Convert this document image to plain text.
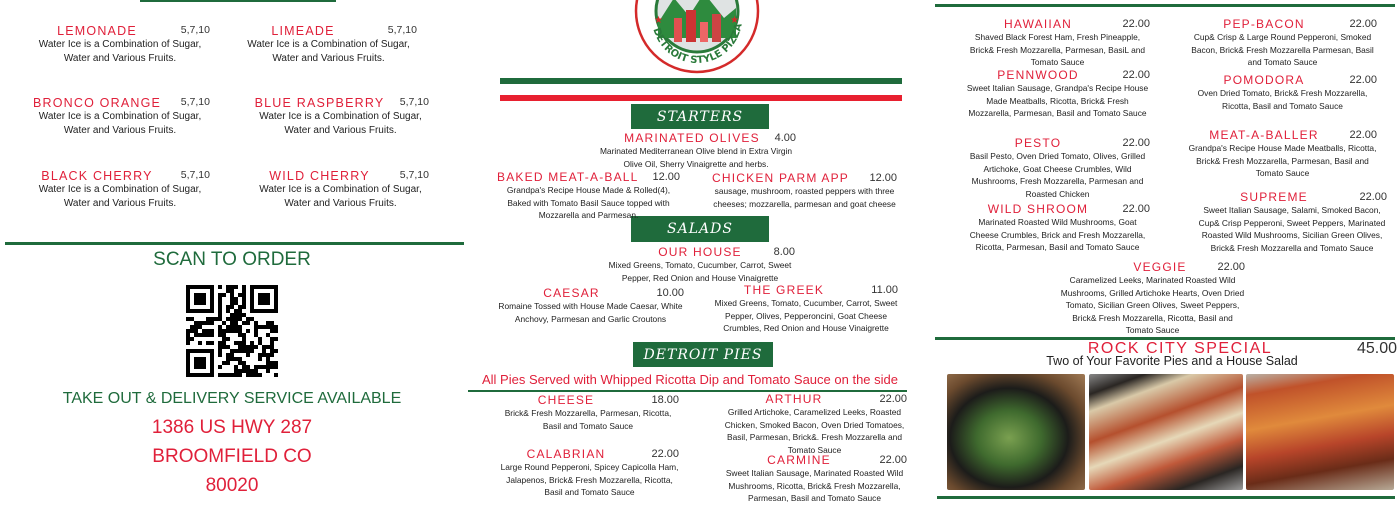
SCAN TO ORDER
TAKE OUT & DELIVERY SERVICE AVAILABLE
1386 US HWY 287
BROOMFIELD CO
80020
DETROIT STYLE PIZZA
★	★
STARTERS
SALADS
DETROIT PIES
All Pies Served with Whipped Ricotta Dip and Tomato Sauce on the side
ROCK CITY SPECIAL	45.00
Two of Your Favorite Pies and a House Salad
LEMONADE	5,7,10
Water Ice is a Combination of Sugar, Water and Various Fruits.
LIMEADE	5,7,10
Water Ice is a Combination of Sugar, Water and Various Fruits.
BRONCO ORANGE	5,7,10
Water Ice is a Combination of Sugar, Water and Various Fruits.
BLUE RASPBERRY	5,7,10
Water Ice is a Combination of Sugar, Water and Various Fruits.
BLACK CHERRY	5,7,10
Water Ice is a Combination of Sugar, Water and Various Fruits.
WILD CHERRY	5,7,10
Water Ice is a Combination of Sugar, Water and Various Fruits.
MARINATED OLIVES	4.00
Marinated Mediterranean Olive blend in Extra Virgin Olive Oil, Sherry Vinaigrette and herbs.
BAKED MEAT-A-BALL	12.00
Grandpa's Recipe House Made & Rolled(4), Baked with Tomato Basil Sauce topped with Mozzarella and Parmesan.
CHICKEN PARM APP	12.00
sausage, mushroom, roasted peppers with three cheeses; mozzarella, parmesan and goat cheese
OUR HOUSE	8.00
Mixed Greens, Tomato, Cucumber, Carrot, Sweet Pepper, Red Onion and House Vinaigrette
CAESAR	10.00
Romaine Tossed with House Made Caesar, White Anchovy, Parmesan and Garlic Croutons
THE GREEK	11.00
Mixed Greens, Tomato, Cucumber, Carrot, Sweet Pepper, Olives, Pepperoncini, Goat Cheese Crumbles, Red Onion and House Vinaigrette
CHEESE	18.00
Brick& Fresh Mozzarella, Parmesan, Ricotta, Basil and Tomato Sauce
ARTHUR	22.00
Grilled Artichoke, Caramelized Leeks, Roasted Chicken, Smoked Bacon, Oven Dried Tomatoes, Basil, Parmesan, Brick&. Fresh Mozzarella and Tomato Sauce
CALABRIAN	22.00
Large Round Pepperoni, Spicey Capicolla Ham, Jalapenos, Brick& Fresh Mozzarella, Ricotta, Basil and Tomato Sauce
CARMINE	22.00
Sweet Italian Sausage, Marinated Roasted Wild Mushrooms, Ricotta, Brick& Fresh Mozzarella, Parmesan, Basil and Tomato Sauce
HAWAIIAN	22.00
Shaved Black Forest Ham, Fresh Pineapple, Brick& Fresh Mozzarella, Parmesan, BasiL and Tomato Sauce
PEP-BACON	22.00
Cup& Crisp & Large Round Pepperoni, Smoked Bacon, Brick& Fresh Mozzarella Parmesan, Basil and Tomato Sauce
PENNWOOD	22.00
Sweet Italian Sausage, Grandpa's Recipe House Made Meatballs, Ricotta, Brick& Fresh Mozzarella, Parmesan, Basil and Tomato Sauce
POMODORA	22.00
Oven Dried Tomato, Brick& Fresh Mozzarella, Ricotta, Basil and Tomato Sauce
PESTO	22.00
Basil Pesto, Oven Dried Tomato, Olives, Grilled Artichoke, Goat Cheese Crumbles, Wild Mushrooms, Fresh Mozzarella, Parmesan and Roasted Chicken
MEAT-A-BALLER	22.00
Grandpa's Recipe House Made Meatballs, Ricotta, Brick& Fresh Mozzarella, Parmesan, Basil and Tomato Sauce
WILD SHROOM	22.00
Marinated Roasted Wild Mushrooms, Goat Cheese Crumbles, Brick and Fresh Mozzarella, Ricotta, Parmesan, Basil and Tomato Sauce
SUPREME	22.00
Sweet Italian Sausage, Salami, Smoked Bacon, Cup& Crisp Pepperoni, Sweet Peppers, Marinated Roasted Wild Mushrooms, Sicilian Green Olives, Brick& Fresh Mozzarella and Tomato Sauce
VEGGIE	22.00
Caramelized Leeks, Marinated Roasted Wild Mushrooms, Grilled Artichoke Hearts, Oven Dried Tomato, Sicilian Green Olives, Sweet Peppers, Brick& Fresh Mozzarella, Ricotta, Basil and Tomato Sauce
